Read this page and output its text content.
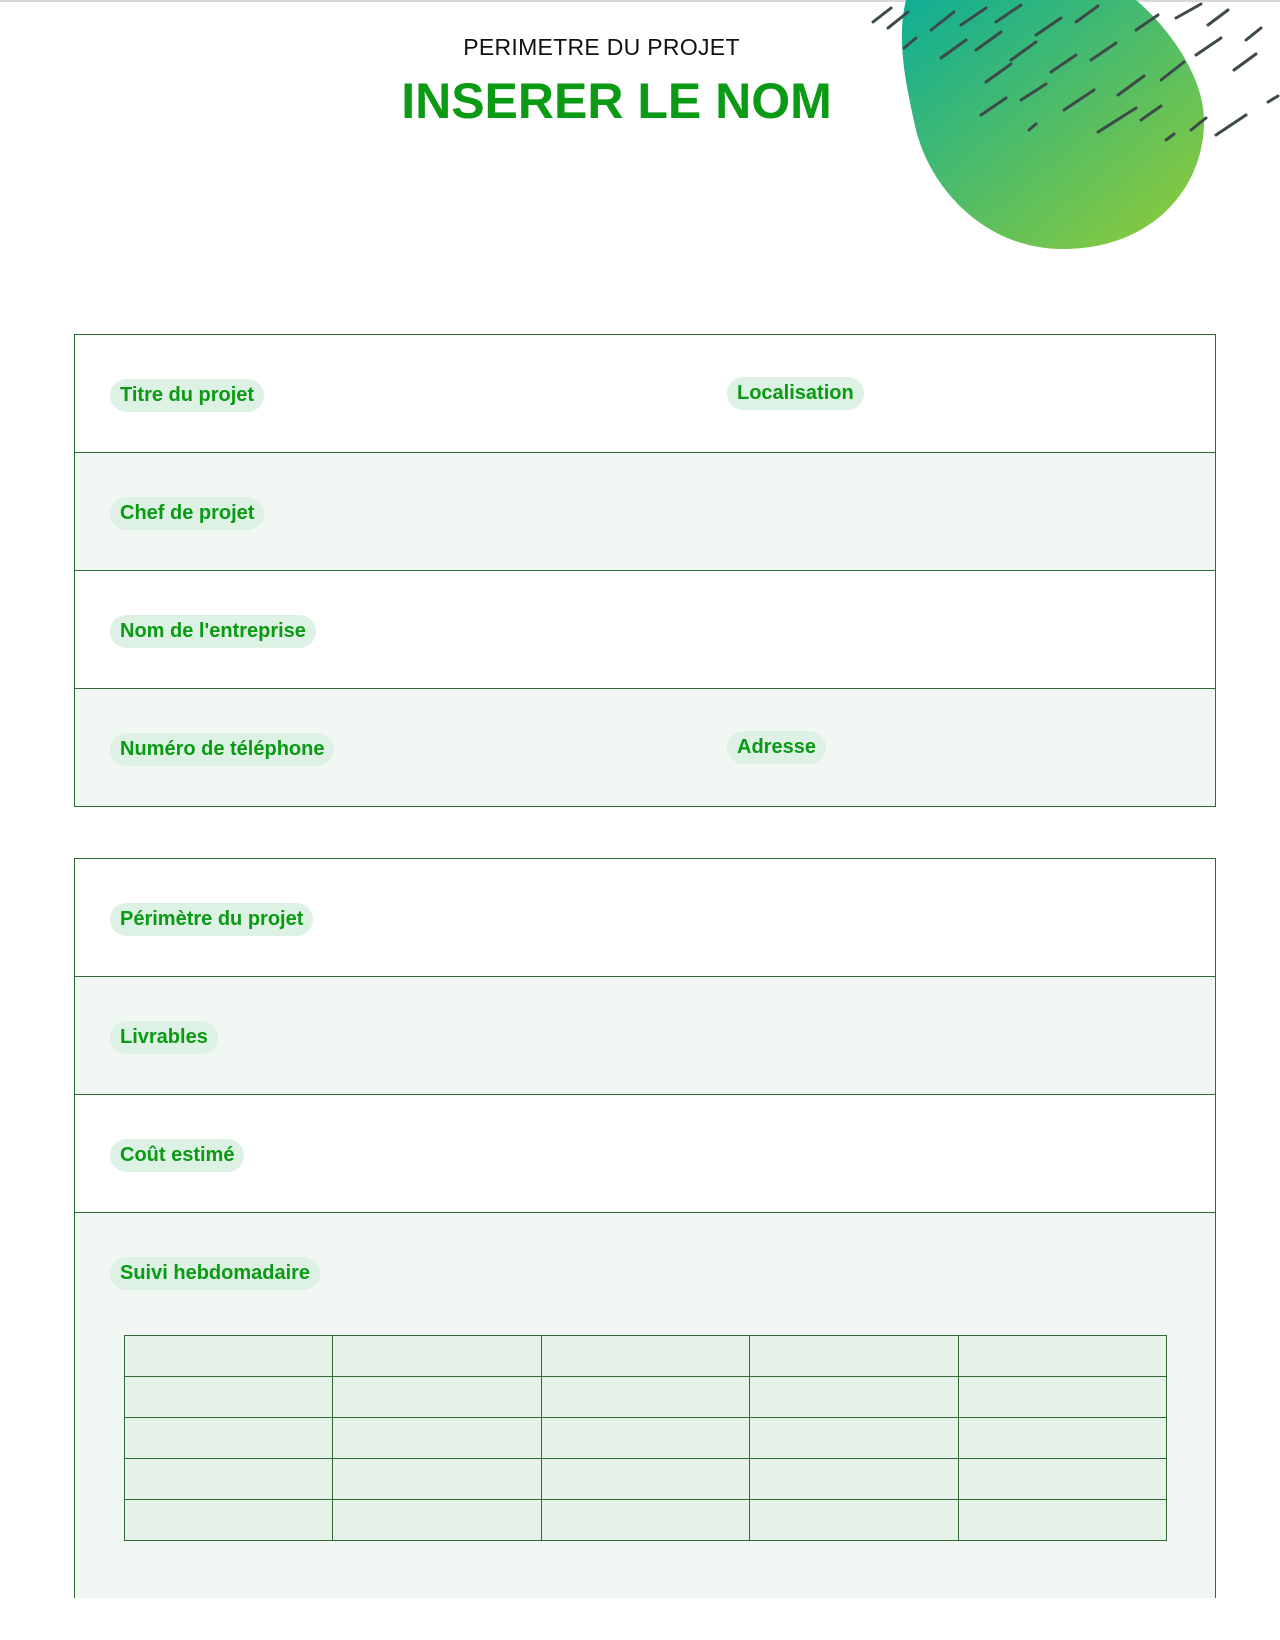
PERIMETRE DU PROJET
INSERER LE NOM
Titre du projet	Localisation
Chef de projet
Nom de l'entreprise
Numéro de téléphone	Adresse
Périmètre du projet
Livrables
Coût estimé
Suivi hebdomadaire
